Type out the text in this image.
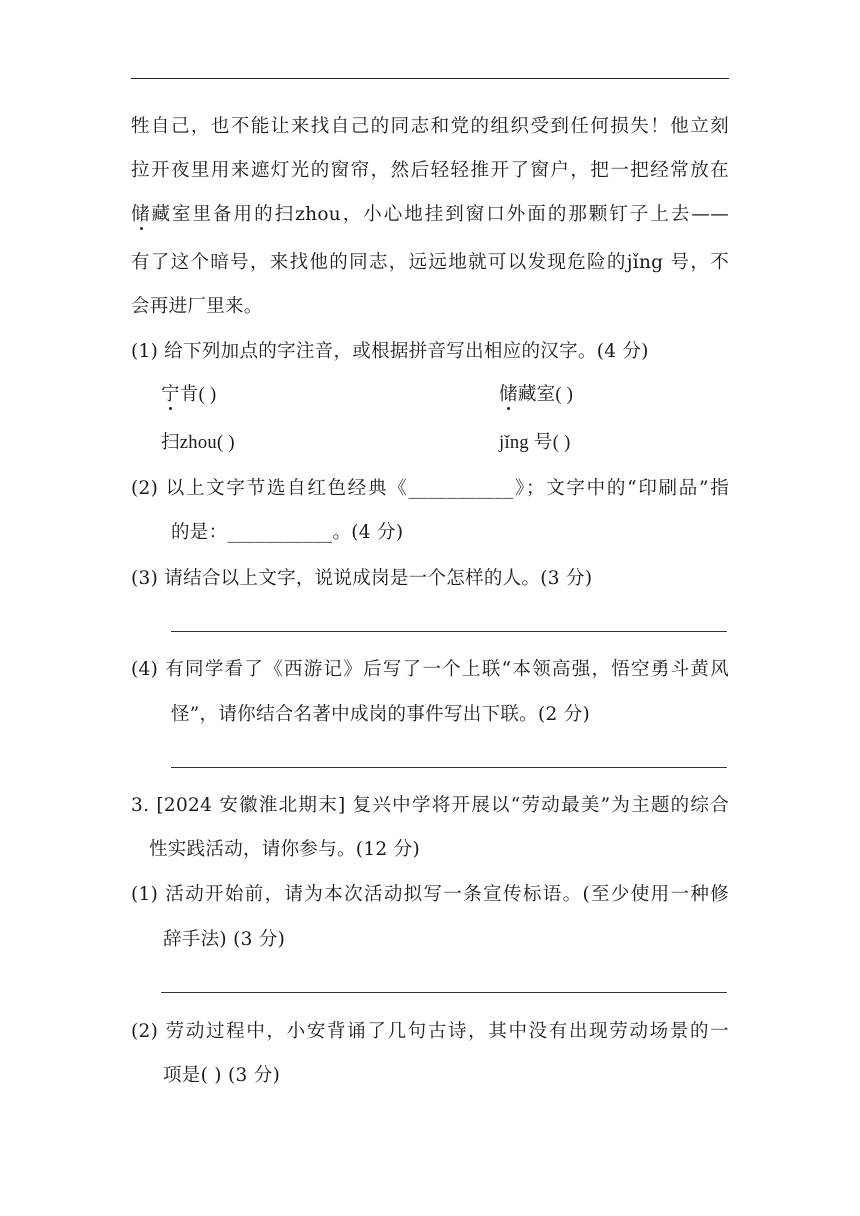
牲自己，也不能让来找自己的同志和党的组织受到任何损失！他立刻
拉开夜里用来遮灯光的窗帘，然后轻轻推开了窗户，把一把经常放在
储藏室里备用的扫zhou，小心地挂到窗口外面的那颗钉子上去——
有了这个暗号，来找他的同志，远远地就可以发现危险的jǐng 号，不
会再进厂里来。
(1) 给下列加点的字注音，或根据拼音写出相应的汉字。(4 分)
宁肯( )	储藏室( )
扫zhou( )	jǐng 号( )
(2) 以上文字节选自红色经典《___________》；文字中的“印刷品”指
的是：___________。(4 分)
(3) 请结合以上文字，说说成岗是一个怎样的人。(3 分)
(4) 有同学看了《西游记》后写了一个上联“本领高强，悟空勇斗黄风
怪”，请你结合名著中成岗的事件写出下联。(2 分)
3. [2024 安徽淮北期末] 复兴中学将开展以“劳动最美”为主题的综合
性实践活动，请你参与。(12 分)
(1) 活动开始前，请为本次活动拟写一条宣传标语。(至少使用一种修
辞手法) (3 分)
(2) 劳动过程中，小安背诵了几句古诗，其中没有出现劳动场景的一
项是( ) (3 分)
